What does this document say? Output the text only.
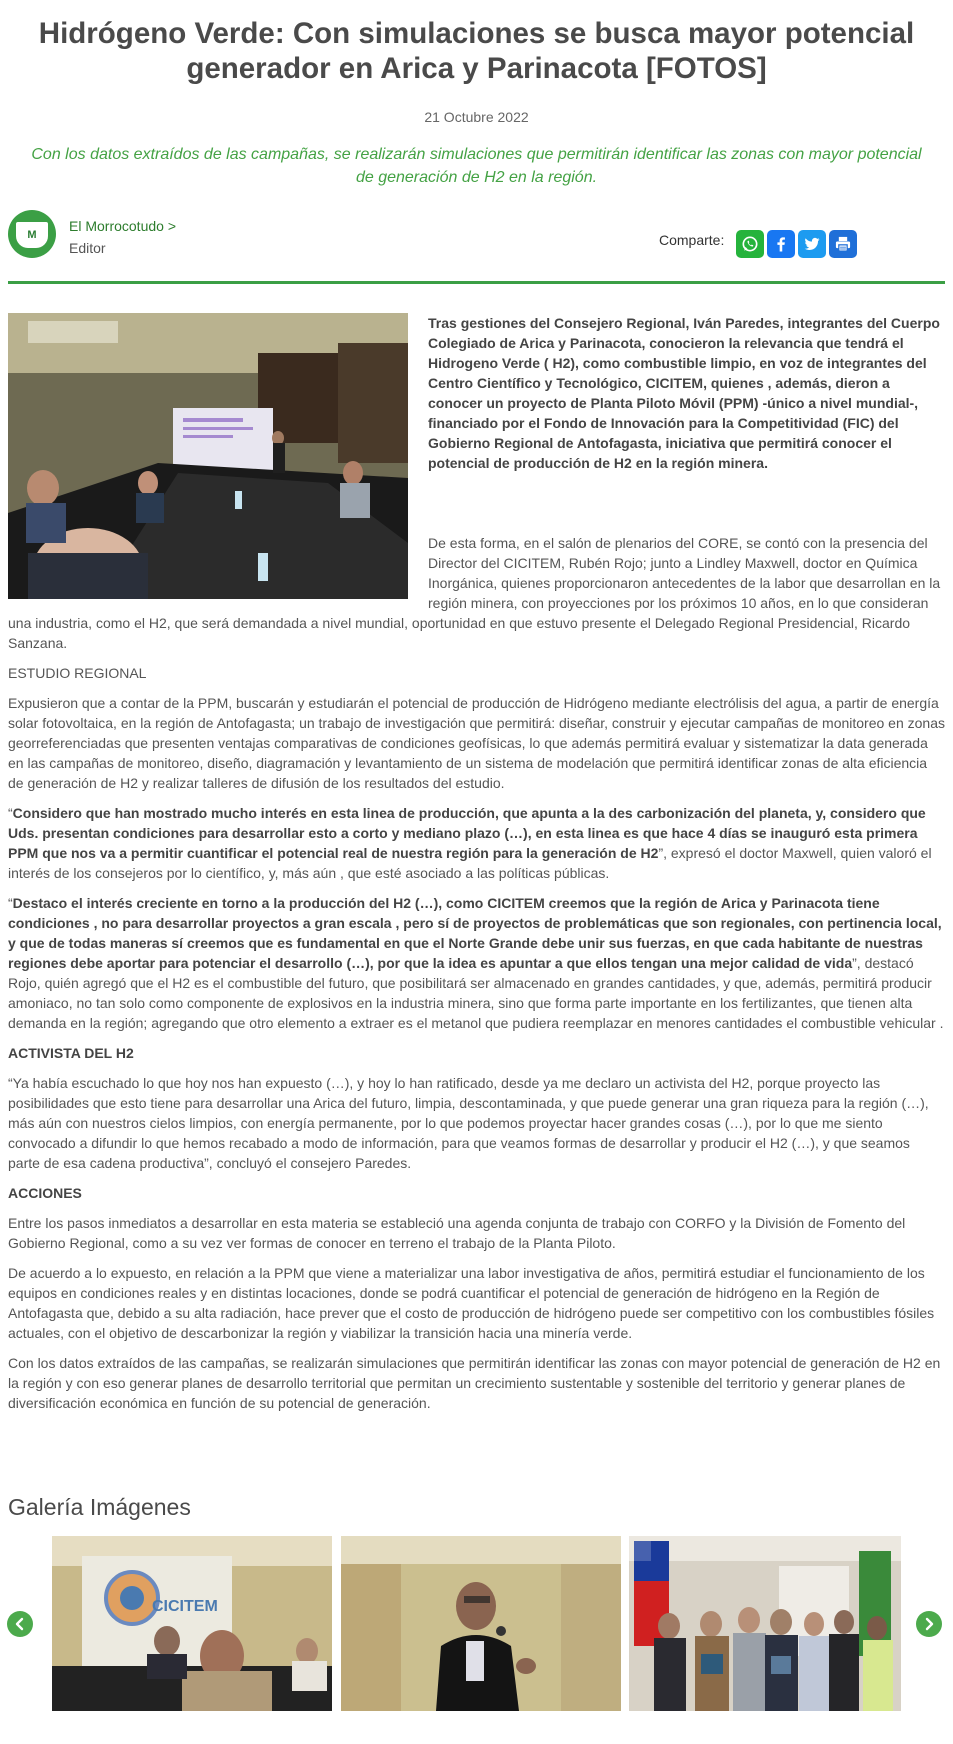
Hidrógeno Verde: Con simulaciones se busca mayor potencial generador en Arica y Parinacota [FOTOS]
21 Octubre 2022
Con los datos extraídos de las campañas, se realizarán simulaciones que permitirán identificar las zonas con mayor potencial de generación de H2 en la región.
M
El Morrocotudo >
Editor	Comparte:

Tras gestiones del Consejero Regional, Iván Paredes, integrantes del Cuerpo Colegiado de Arica y Parinacota, conocieron la relevancia que tendrá el Hidrogeno Verde ( H2), como combustible limpio, en voz de integrantes del Centro Científico y Tecnológico, CICITEM, quienes , además, dieron a conocer un proyecto de Planta Piloto Móvil (PPM) -único a nivel mundial-, financiado por el Fondo de Innovación para la Competitividad (FIC) del Gobierno Regional de Antofagasta, iniciativa que permitirá conocer el potencial de producción de H2 en la región minera.

De esta forma, en el salón de plenarios del CORE, se contó con la presencia del Director del CICITEM, Rubén Rojo; junto a Lindley Maxwell, doctor en Química Inorgánica, quienes proporcionaron antecedentes de la labor que desarrollan en la región minera, con proyecciones por los próximos 10 años, en lo que consideran una industria, como el H2, que será demandada a nivel mundial, oportunidad en que estuvo presente el Delegado Regional Presidencial, Ricardo Sanzana.

ESTUDIO REGIONAL

Expusieron que a contar de la PPM, buscarán y estudiarán el potencial de producción de Hidrógeno mediante electrólisis del agua, a partir de energía solar fotovoltaica, en la región de Antofagasta; un trabajo de investigación que permitirá: diseñar, construir y ejecutar campañas de monitoreo en zonas georreferenciadas que presenten ventajas comparativas de condiciones geofísicas, lo que además permitirá evaluar y sistematizar la data generada en las campañas de monitoreo, diseño, diagramación y levantamiento de un sistema de modelación que permitirá identificar zonas de alta eficiencia de generación de H2 y realizar talleres de difusión de los resultados del estudio.

“Considero que han mostrado mucho interés en esta linea de producción, que apunta a la des carbonización del planeta, y, considero que Uds. presentan condiciones para desarrollar esto a corto y mediano plazo (…), en esta linea es que hace 4 días se inauguró esta primera PPM que nos va a permitir cuantificar el potencial real de nuestra región para la generación de H2”, expresó el doctor Maxwell, quien valoró el interés de los consejeros por lo científico, y, más aún , que esté asociado a las políticas públicas.

“Destaco el interés creciente en torno a la producción del H2 (…), como CICITEM creemos que la región de Arica y Parinacota tiene condiciones , no para desarrollar proyectos a gran escala , pero sí de proyectos de problemáticas que son regionales, con pertinencia local, y que de todas maneras sí creemos que es fundamental en que el Norte Grande debe unir sus fuerzas, en que cada habitante de nuestras regiones debe aportar para potenciar el desarrollo (…), por que la idea es apuntar a que ellos tengan una mejor calidad de vida”, destacó Rojo, quién agregó que el H2 es el combustible del futuro, que posibilitará ser almacenado en grandes cantidades, y que, además, permitirá producir amoniaco, no tan solo como componente de explosivos en la industria minera, sino que forma parte importante en los fertilizantes, que tienen alta demanda en la región; agregando que otro elemento a extraer es el metanol que pudiera reemplazar en menores cantidades el combustible vehicular .

ACTIVISTA DEL H2

“Ya había escuchado lo que hoy nos han expuesto (…), y hoy lo han ratificado, desde ya me declaro un activista del H2, porque proyecto las posibilidades que esto tiene para desarrollar una Arica del futuro, limpia, descontaminada, y que puede generar una gran riqueza para la región (…), más aún con nuestros cielos limpios, con energía permanente, por lo que podemos proyectar hacer grandes cosas (…), por lo que me siento convocado a difundir lo que hemos recabado a modo de información, para que veamos formas de desarrollar y producir el H2 (…), y que seamos parte de esa cadena productiva”, concluyó el consejero Paredes.

ACCIONES

Entre los pasos inmediatos a desarrollar en esta materia se estableció una agenda conjunta de trabajo con CORFO y la División de Fomento del Gobierno Regional, como a su vez ver formas de conocer en terreno el trabajo de la Planta Piloto.

De acuerdo a lo expuesto, en relación a la PPM que viene a materializar una labor investigativa de años, permitirá estudiar el funcionamiento de los equipos en condiciones reales y en distintas locaciones, donde se podrá cuantificar el potencial de generación de hidrógeno en la Región de Antofagasta que, debido a su alta radiación, hace prever que el costo de producción de hidrógeno puede ser competitivo con los combustibles fósiles actuales, con el objetivo de descarbonizar la región y viabilizar la transición hacia una minería verde.

Con los datos extraídos de las campañas, se realizarán simulaciones que permitirán identificar las zonas con mayor potencial de generación de H2 en la región y con eso generar planes de desarrollo territorial que permitan un crecimiento sustentable y sostenible del territorio y generar planes de diversificación económica en función de su potencial de generación.

Galería Imágenes
CICITEM
